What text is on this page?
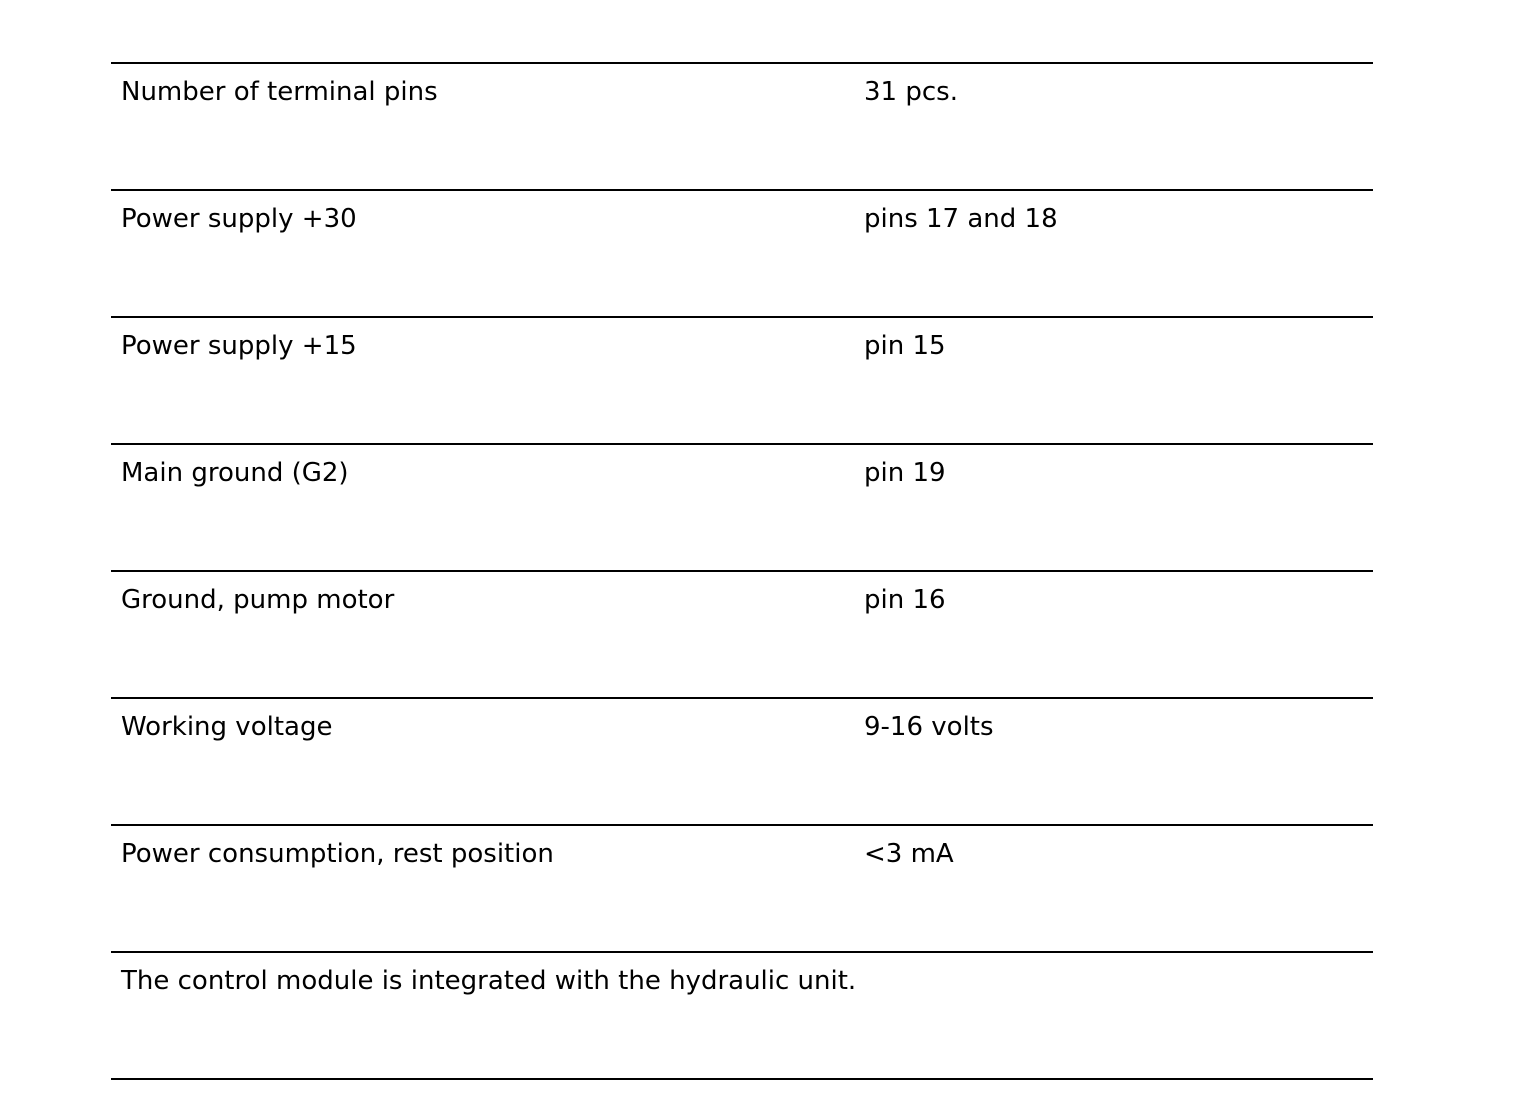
Number of terminal pins	31 pcs.
Power supply +30	pins 17 and 18
Power supply +15	pin 15
Main ground (G2)	pin 19
Ground, pump motor	pin 16
Working voltage	9-16 volts
Power consumption, rest position	<3 mA
The control module is integrated with the hydraulic unit.
